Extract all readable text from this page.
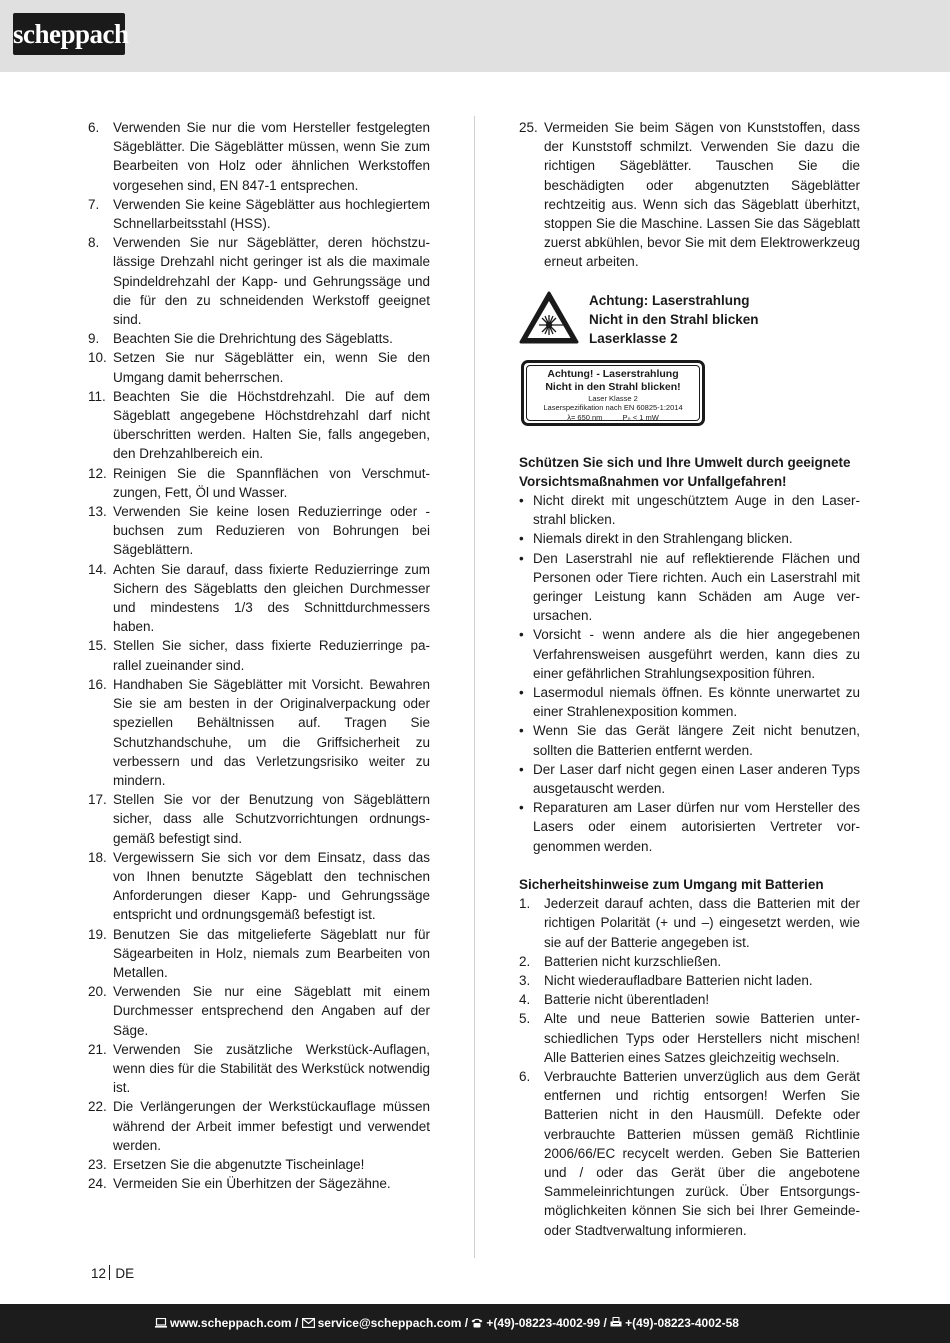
scheppach
6. Verwenden Sie nur die vom Hersteller festgelegten Sägeblätter. Die Sägeblätter müssen, wenn Sie zum Bearbeiten von Holz oder ähnlichen Werkstoffen vorgesehen sind, EN 847-1 entsprechen.
7. Verwenden Sie keine Sägeblätter aus hochlegiertem Schnellarbeitsstahl (HSS).
8. Verwenden Sie nur Sägeblätter, deren höchstzulässige Drehzahl nicht geringer ist als die maximale Spindeldrehzahl der Kapp- und Gehrungssäge und die für den zu schneidenden Werkstoff geeignet sind.
9. Beachten Sie die Drehrichtung des Sägeblatts.
10. Setzen Sie nur Sägeblätter ein, wenn Sie den Umgang damit beherrschen.
11. Beachten Sie die Höchstdrehzahl. Die auf dem Sägeblatt angegebene Höchstdrehzahl darf nicht überschritten werden. Halten Sie, falls angegeben, den Drehzahlbereich ein.
12. Reinigen Sie die Spannflächen von Verschmutzungen, Fett, Öl und Wasser.
13. Verwenden Sie keine losen Reduzierringe oder -buchsen zum Reduzieren von Bohrungen bei Sägeblättern.
14. Achten Sie darauf, dass fixierte Reduzierringe zum Sichern des Sägeblatts den gleichen Durchmesser und mindestens 1/3 des Schnittdurchmessers haben.
15. Stellen Sie sicher, dass fixierte Reduzierringe parallel zueinander sind.
16. Handhaben Sie Sägeblätter mit Vorsicht. Bewahren Sie sie am besten in der Originalverpackung oder speziellen Behältnissen auf. Tragen Sie Schutzhandschuhe, um die Griffsicherheit zu verbessern und das Verletzungsrisiko weiter zu mindern.
17. Stellen Sie vor der Benutzung von Sägeblättern sicher, dass alle Schutzvorrichtungen ordnungsgemäß befestigt sind.
18. Vergewissern Sie sich vor dem Einsatz, dass das von Ihnen benutzte Sägeblatt den technischen Anforderungen dieser Kapp- und Gehrungssäge entspricht und ordnungsgemäß befestigt ist.
19. Benutzen Sie das mitgelieferte Sägeblatt nur für Sägearbeiten in Holz, niemals zum Bearbeiten von Metallen.
20. Verwenden Sie nur eine Sägeblatt mit einem Durchmesser entsprechend den Angaben auf der Säge.
21. Verwenden Sie zusätzliche Werkstück-Auflagen, wenn dies für die Stabilität des Werkstück notwendig ist.
22. Die Verlängerungen der Werkstückauflage müssen während der Arbeit immer befestigt und verwendet werden.
23. Ersetzen Sie die abgenutzte Tischeinlage!
24. Vermeiden Sie ein Überhitzen der Sägezähne.
25. Vermeiden Sie beim Sägen von Kunststoffen, dass der Kunststoff schmilzt. Verwenden Sie dazu die richtigen Sägeblätter. Tauschen Sie die beschädigten oder abgenutzten Sägeblätter rechtzeitig aus. Wenn sich das Sägeblatt überhitzt, stoppen Sie die Maschine. Lassen Sie das Sägeblatt zuerst abkühlen, bevor Sie mit dem Elektrowerkzeug erneut arbeiten.
Achtung: Laserstrahlung
Nicht in den Strahl blicken
Laserklasse 2
Achtung! - Laserstrahlung
Nicht in den Strahl blicken!
Laser Klasse 2
Laserspezifikation nach EN 60825-1:2014
λ= 650 nm	P₀ < 1 mW

Schützen Sie sich und Ihre Umwelt durch geeignete Vorsichtsmaßnahmen vor Unfallgefahren!

• Nicht direkt mit ungeschütztem Auge in den Laserstrahl blicken.
• Niemals direkt in den Strahlengang blicken.
• Den Laserstrahl nie auf reflektierende Flächen und Personen oder Tiere richten. Auch ein Laserstrahl mit geringer Leistung kann Schäden am Auge verursachen.
• Vorsicht - wenn andere als die hier angegebenen Verfahrensweisen ausgeführt werden, kann dies zu einer gefährlichen Strahlungsexposition führen.
• Lasermodul niemals öffnen. Es könnte unerwartet zu einer Strahlenexposition kommen.
• Wenn Sie das Gerät längere Zeit nicht benutzen, sollten die Batterien entfernt werden.
• Der Laser darf nicht gegen einen Laser anderen Typs ausgetauscht werden.
• Reparaturen am Laser dürfen nur vom Hersteller des Lasers oder einem autorisierten Vertreter vorgenommen werden.

Sicherheitshinweise zum Umgang mit Batterien

1. Jederzeit darauf achten, dass die Batterien mit der richtigen Polarität (+ und –) eingesetzt werden, wie sie auf der Batterie angegeben ist.
2. Batterien nicht kurzschließen.
3. Nicht wiederaufladbare Batterien nicht laden.
4. Batterie nicht überentladen!
5. Alte und neue Batterien sowie Batterien unterschiedlichen Typs oder Herstellers nicht mischen! Alle Batterien eines Satzes gleichzeitig wechseln.
6. Verbrauchte Batterien unverzüglich aus dem Gerät entfernen und richtig entsorgen! Werfen Sie Batterien nicht in den Hausmüll. Defekte oder verbrauchte Batterien müssen gemäß Richtlinie 2006/66/EC recycelt werden. Geben Sie Batterien und / oder das Gerät über die angebotene Sammeleinrichtungen zurück. Über Entsorgungsmöglichkeiten können Sie sich bei Ihrer Gemeinde- oder Stadtverwaltung informieren.
12 DE
www.scheppach.com / service@scheppach.com / +(49)-08223-4002-99 / +(49)-08223-4002-58
